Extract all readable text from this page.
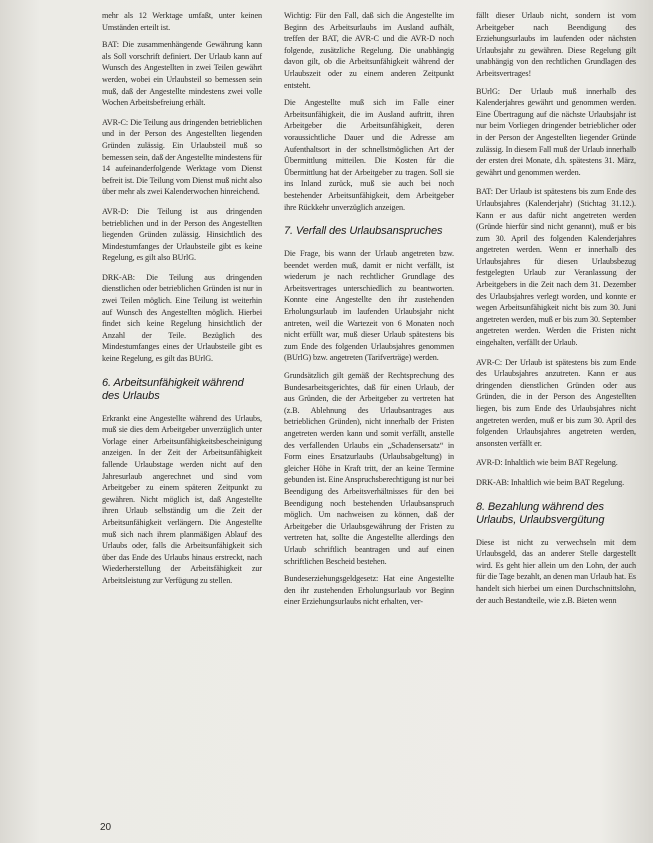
mehr als 12 Werktage umfaßt, unter keinen Umständen erteilt ist.

BAT: Die zusammenhängende Gewährung kann als Soll vorschrift definiert. Der Urlaub kann auf Wunsch des Angestellten in zwei Teilen gewährt werden, wobei ein Urlaubsteil so bemessen sein muß, daß der Angestellte mindestens zwei volle Wochen Arbeitsbefreiung erhält.
AVR-C: Die Teilung aus dringenden betrieblichen und in der Person des Angestellten liegenden Gründen zulässig. Ein Urlaubsteil muß so bemessen sein, daß der Angestellte mindestens für 14 aufeinanderfolgende Werktage vom Dienst befreit ist. Die Teilung vom Dienst muß nicht also über mehr als zwei Kalenderwochen hinreichend.
AVR-D: Die Teilung ist aus dringenden betrieblichen und in der Person des Angestellten liegenden Gründen zulässig. Hinsichtlich des Mindestumfanges der Urlaubsteile gibt es keine Regelung, es gilt also BUrlG.
DRK-AB: Die Teilung aus dringenden dienstlichen oder betrieblichen Gründen ist nur in zwei Teilen möglich. Eine Teilung ist weiterhin auf Wunsch des Angestellten möglich. Hierbei findet sich keine Regelung hinsichtlich der Anzahl der Teile. Bezüglich des Mindestumfanges eines der Urlaubsteile gibt es keine Regelung, es gilt das BUrlG.
6. Arbeitsunfähigkeit während des Urlaubs

Erkrankt eine Angestellte während des Urlaubs, muß sie dies dem Arbeitgeber unverzüglich unter Vorlage einer Arbeitsunfähigkeitsbescheinigung anzeigen. In der Zeit der Arbeitsunfähigkeit fallende Urlaubstage werden nicht auf den Jahresurlaub angerechnet und sind vom Arbeitgeber zu einem späteren Zeitpunkt zu gewähren. Nicht möglich ist, daß Angestellte ihren Urlaub selbständig um die Zeit der Arbeitsunfähigkeit verlängern. Die Angestellte muß sich nach ihrem planmäßigen Ablauf des Urlaubs oder, falls die Arbeitsunfähigkeit sich über das Ende des Urlaubs hinaus erstreckt, nach Wiederherstellung der Arbeitsfähigkeit zur Arbeitsleistung zur Verfügung zu stellen.

Wichtig: Für den Fall, daß sich die Angestellte im Beginn des Arbeitsurlaubs im Ausland aufhält, treffen der BAT, die AVR-C und die AVR-D noch folgende, zusätzliche Regelung. Die unabhängig davon gilt, ob die Arbeitsunfähigkeit während der Urlaubszeit oder zu einem anderen Zeitpunkt entsteht.

Die Angestellte muß sich im Falle einer Arbeitsunfähigkeit, die im Ausland auftritt, ihren Arbeitgeber die Arbeitsunfähigkeit, deren voraussichtliche Dauer und die Adresse am Aufenthaltsort in der schnellstmöglichen Art der Übermittlung mitteilen. Die Kosten für die Übermittlung hat der Arbeitgeber zu tragen. Soll sie ins Inland zurück, muß sie auch bei noch bestehender Arbeitsunfähigkeit, dem Arbeitgeber ihre Rückkehr unverzüglich anzeigen.

7. Verfall des Urlaubsanspruches

Die Frage, bis wann der Urlaub angetreten bzw. beendet werden muß, damit er nicht verfällt, ist wiederum je nach rechtlicher Grundlage des Arbeitsvertrages unterschiedlich zu beantworten. Konnte eine Angestellte den ihr zustehenden Erholungsurlaub im laufenden Urlaubsjahr nicht antreten, weil die Wartezeit von 6 Monaten noch nicht erfüllt war, muß dieser Urlaub spätestens bis zum Ende des folgenden Urlaubsjahres genommen (BUrlG) bzw. angetreten (Tarifverträge) werden.

Grundsätzlich gilt gemäß der Rechtsprechung des Bundesarbeitsgerichtes, daß für einen Urlaub, der aus Gründen, die der Arbeitgeber zu vertreten hat (z.B. Ablehnung des Urlaubsantrages aus betrieblichen Gründen), nicht innerhalb der Fristen angetreten werden kann und somit verfällt, anstelle des verfallenden Urlaubs ein „Schadensersatz“ in Form eines Ersatzurlaubs (Urlaubsabgeltung) in gleicher Höhe in Kraft tritt, der an keine Termine gebunden ist. Eine Anspruchsberechtigung ist nur bei Beendigung des Arbeitsverhältnisses für den bei Beendigung noch bestehenden Urlaubsanspruch möglich. Um nachweisen zu können, daß der Arbeitgeber die Urlaubsgewährung der Fristen zu vertreten hat, sollte die Angestellte allerdings den Urlaub schriftlich beantragen und auf einen schriftlichen Bescheid bestehen.

Bundeserziehungsgeldgesetz: Hat eine Angestellte den ihr zustehenden Erholungsurlaub vor Beginn einer Erziehungsurlaubs nicht erhalten, ver-

fällt dieser Urlaub nicht, sondern ist vom Arbeitgeber nach Beendigung des Erziehungsurlaubs im laufenden oder nächsten Urlaubsjahr zu gewähren. Diese Regelung gilt unabhängig von den rechtlichen Grundlagen des Arbeitsvertrages!

BUrlG: Der Urlaub muß innerhalb des Kalenderjahres gewährt und genommen werden. Eine Übertragung auf die nächste Urlaubsjahr ist nur beim Vorliegen dringender betrieblicher oder in der Person der Angestellten liegender Gründe zulässig. In diesem Fall muß der Urlaub innerhalb der ersten drei Monate, d.h. spätestens 31. März, gewährt und genommen werden.
BAT: Der Urlaub ist spätestens bis zum Ende des Urlaubsjahres (Kalenderjahr) (Stichtag 31.12.). Kann er aus dafür nicht angetreten werden (Gründe hierfür sind nicht genannt), muß er bis zum 30. April des folgenden Kalenderjahres angetreten werden. Wenn er innerhalb des Urlaubsjahres für diesen Urlaubsbezug festgelegten Urlaub zur Veranlassung der Arbeitgebers in die Zeit nach dem 31. Dezember des Urlaubsjahres verlegt worden, und konnte er wegen Arbeitsunfähigkeit nicht bis zum 30. Juni angetreten werden, muß er bis zum 30. September angetreten werden. Werden die Fristen nicht eingehalten, verfällt der Urlaub.
AVR-C: Der Urlaub ist spätestens bis zum Ende des Urlaubsjahres anzutreten. Kann er aus dringenden dienstlichen Gründen oder aus Gründen, die in der Person des Angestellten liegen, bis zum Ende des Urlaubsjahres nicht angetreten werden, muß er bis zum 30. April des folgenden Urlaubsjahres angetreten werden, ansonsten verfällt er.
AVR-D: Inhaltlich wie beim BAT Regelung.
DRK-AB: Inhaltlich wie beim BAT Regelung.
8. Bezahlung während des Urlaubs, Urlaubsvergütung

Diese ist nicht zu verwechseln mit dem Urlaubsgeld, das an anderer Stelle dargestellt wird. Es geht hier allein um den Lohn, der auch für die Tage bezahlt, an denen man Urlaub hat. Es handelt sich hierbei um einen Durchschnittslohn, der auch Bestandteile, wie z.B. Bieten wenn

20
